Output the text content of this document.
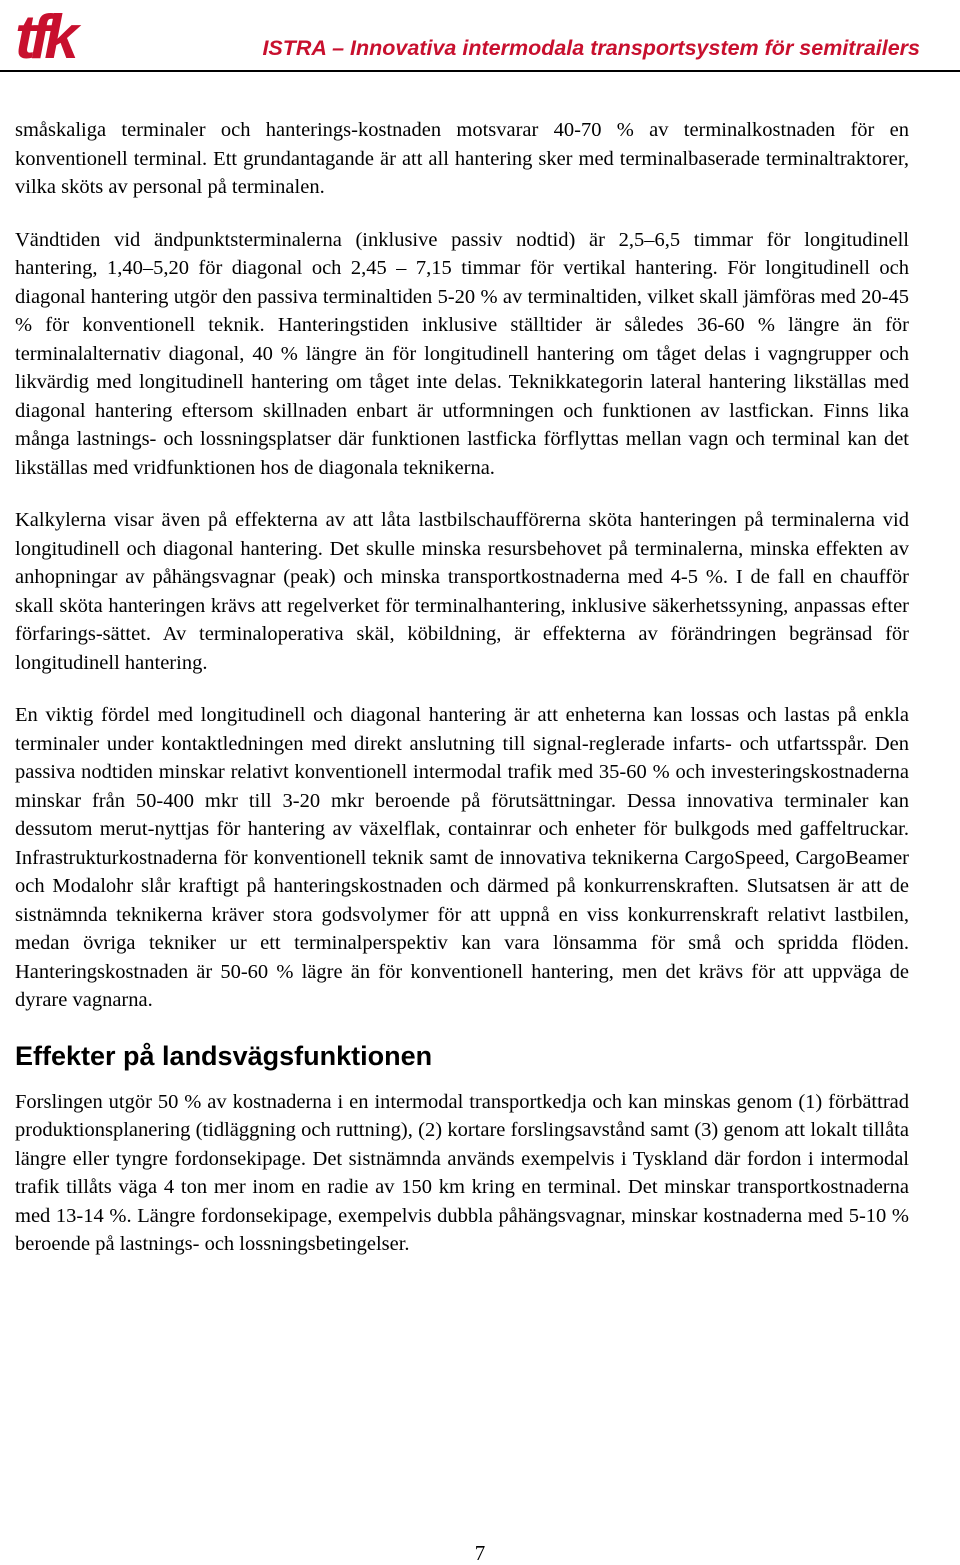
tfk	ISTRA – Innovativa intermodala transportsystem för semitrailers

småskaliga terminaler och hanterings-kostnaden motsvarar 40-70 % av terminalkostnaden för en konventionell terminal. Ett grundantagande är att all hantering sker med terminalbaserade terminaltraktorer, vilka sköts av personal på terminalen.

Vändtiden vid ändpunktsterminalerna (inklusive passiv nodtid) är 2,5–6,5 timmar för longitudinell hantering, 1,40–5,20 för diagonal och 2,45 – 7,15 timmar för vertikal hantering. För longitudinell och diagonal hantering utgör den passiva terminaltiden 5-20 % av terminaltiden, vilket skall jämföras med 20-45 % för konventionell teknik. Hanteringstiden inklusive ställtider är således 36-60 % längre än för terminalalternativ diagonal, 40 % längre än för longitudinell hantering om tåget delas i vagngrupper och likvärdig med longitudinell hantering om tåget inte delas. Teknikkategorin lateral hantering likställas med diagonal hantering eftersom skillnaden enbart är utformningen och funktionen av lastfickan. Finns lika många lastnings- och lossningsplatser där funktionen lastficka förflyttas mellan vagn och terminal kan det likställas med vridfunktionen hos de diagonala teknikerna.

Kalkylerna visar även på effekterna av att låta lastbilschaufförerna sköta hanteringen på terminalerna vid longitudinell och diagonal hantering. Det skulle minska resursbehovet på terminalerna, minska effekten av anhopningar av påhängsvagnar (peak) och minska transportkostnaderna med 4-5 %. I de fall en chaufför skall sköta hanteringen krävs att regelverket för terminalhantering, inklusive säkerhetssyning, anpassas efter förfarings-sättet. Av terminaloperativa skäl, köbildning, är effekterna av förändringen begränsad för longitudinell hantering.

En viktig fördel med longitudinell och diagonal hantering är att enheterna kan lossas och lastas på enkla terminaler under kontaktledningen med direkt anslutning till signal-reglerade infarts- och utfartsspår. Den passiva nodtiden minskar relativt konventionell intermodal trafik med 35-60 % och investeringskostnaderna minskar från 50-400 mkr till 3-20 mkr beroende på förutsättningar. Dessa innovativa terminaler kan dessutom merut-nyttjas för hantering av växelflak, containrar och enheter för bulkgods med gaffeltruckar. Infrastrukturkostnaderna för konventionell teknik samt de innovativa teknikerna CargoSpeed, CargoBeamer och Modalohr slår kraftigt på hanteringskostnaden och därmed på konkurrenskraften. Slutsatsen är att de sistnämnda teknikerna kräver stora godsvolymer för att uppnå en viss konkurrenskraft relativt lastbilen, medan övriga tekniker ur ett terminalperspektiv kan vara lönsamma för små och spridda flöden. Hanteringskostnaden är 50-60 % lägre än för konventionell hantering, men det krävs för att uppväga de dyrare vagnarna.

Effekter på landsvägsfunktionen

Forslingen utgör 50 % av kostnaderna i en intermodal transportkedja och kan minskas genom (1) förbättrad produktionsplanering (tidläggning och ruttning), (2) kortare forslingsavstånd samt (3) genom att lokalt tillåta längre eller tyngre fordonsekipage. Det sistnämnda används exempelvis i Tyskland där fordon i intermodal trafik tillåts väga 4 ton mer inom en radie av 150 km kring en terminal. Det minskar transportkostnaderna med 13-14 %. Längre fordonsekipage, exempelvis dubbla påhängsvagnar, minskar kostnaderna med 5-10 % beroende på lastnings- och lossningsbetingelser.

7
